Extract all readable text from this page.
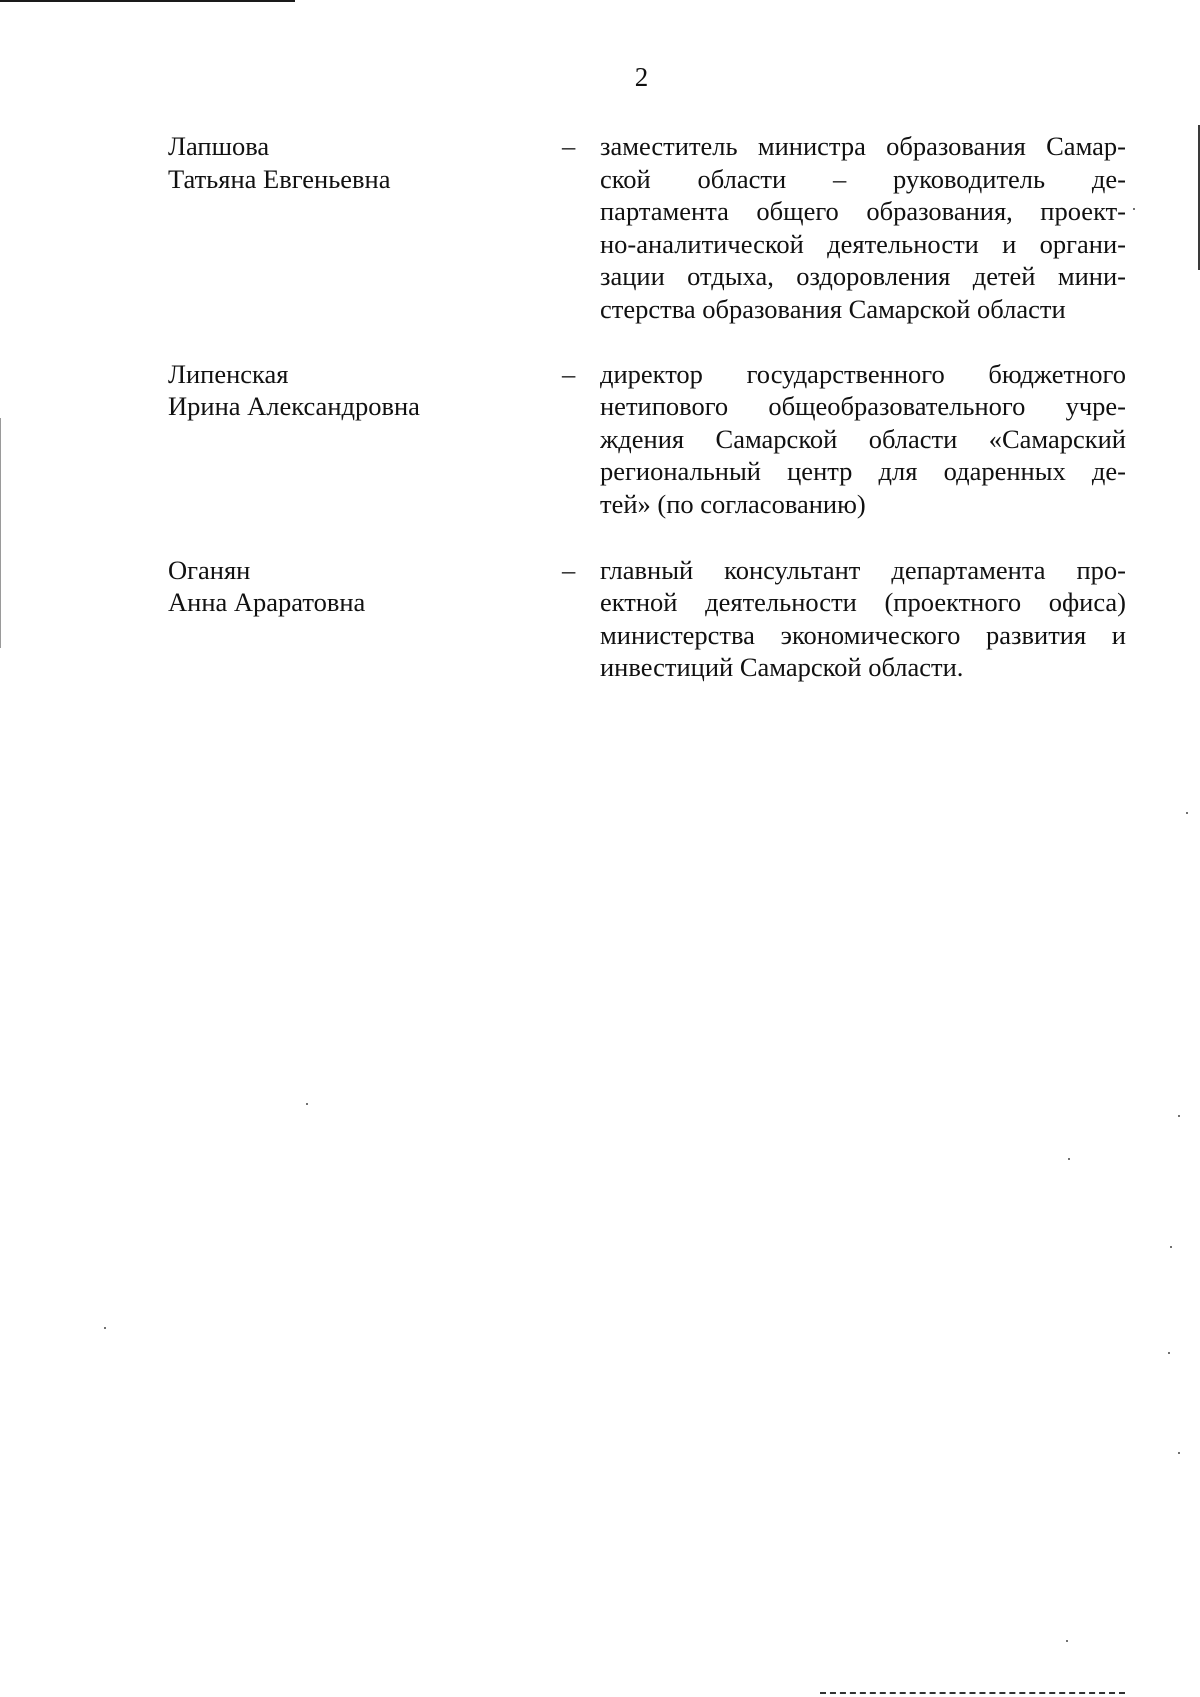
2
Лапшова
Татьяна Евгеньевна
– заместитель министра образования Самар-
ской области – руководитель де-
партамента общего образования, проект-
но-аналитической деятельности и органи-
зации отдыха, оздоровления детей мини-
стерства образования Самарской области
Липенская
Ирина Александровна
– директор государственного бюджетного
нетипового общеобразовательного учре-
ждения Самарской области «Самарский
региональный центр для одаренных де-
тей» (по согласованию)
Оганян
Анна Араратовна
– главный консультант департамента про-
ектной деятельности (проектного офиса)
министерства экономического развития и
инвестиций Самарской области.
